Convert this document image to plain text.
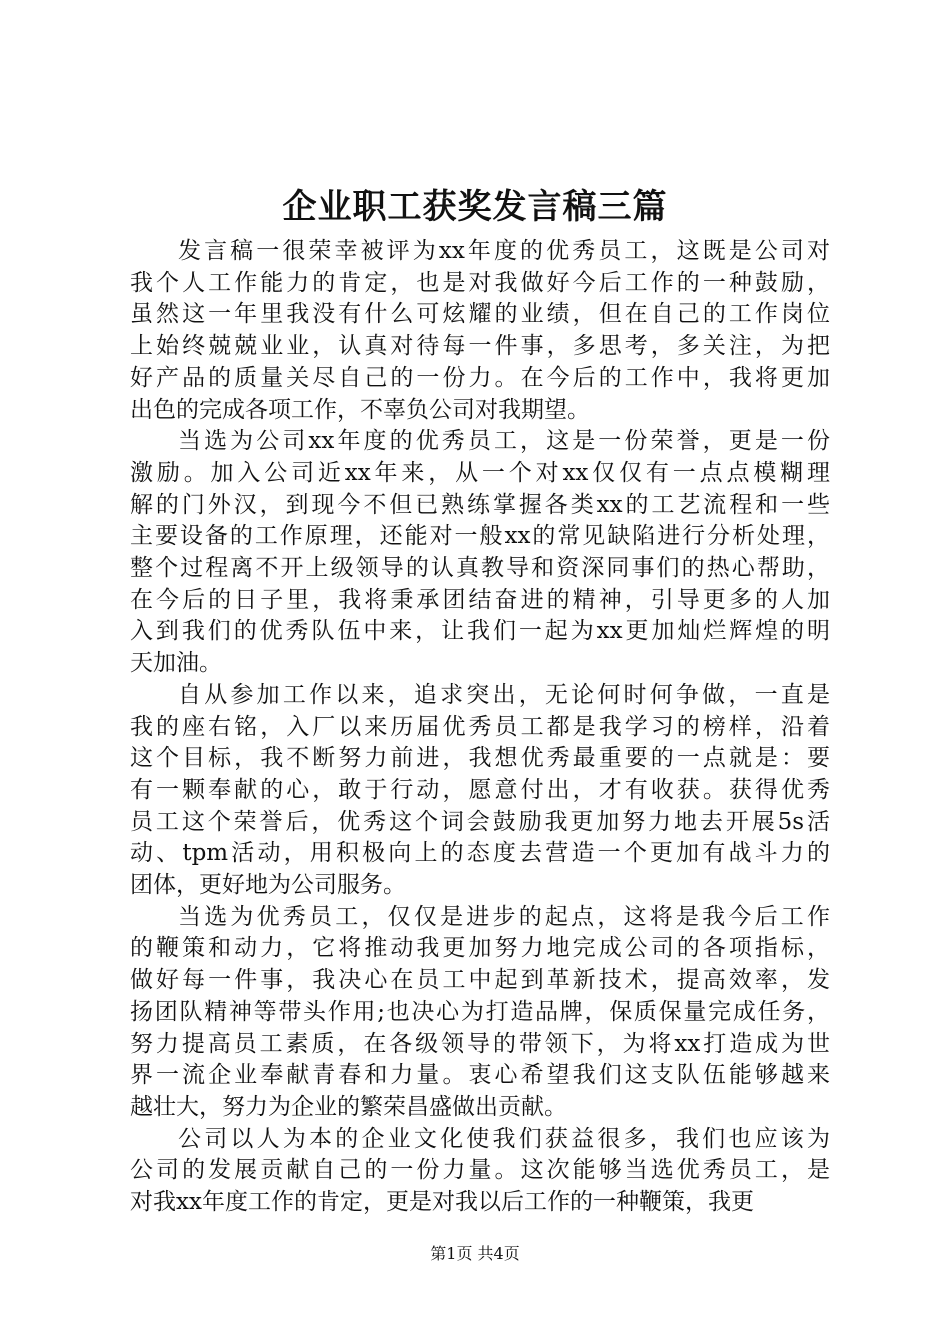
企业职工获奖发言稿三篇
发言稿一很荣幸被评为xx年度的优秀员工，这既是公司对
我个人工作能力的肯定，也是对我做好今后工作的一种鼓励，
虽然这一年里我没有什么可炫耀的业绩，但在自己的工作岗位
上始终兢兢业业，认真对待每一件事，多思考，多关注，为把
好产品的质量关尽自己的一份力。在今后的工作中，我将更加
出色的完成各项工作，不辜负公司对我期望。
当选为公司xx年度的优秀员工，这是一份荣誉，更是一份
激励。加入公司近xx年来，从一个对xx仅仅有一点点模糊理
解的门外汉，到现今不但已熟练掌握各类xx的工艺流程和一些
主要设备的工作原理，还能对一般xx的常见缺陷进行分析处理，
整个过程离不开上级领导的认真教导和资深同事们的热心帮助，
在今后的日子里，我将秉承团结奋进的精神，引导更多的人加
入到我们的优秀队伍中来，让我们一起为xx更加灿烂辉煌的明
天加油。
自从参加工作以来，追求突出，无论何时何争做，一直是
我的座右铭，入厂以来历届优秀员工都是我学习的榜样，沿着
这个目标，我不断努力前进，我想优秀最重要的一点就是：要
有一颗奉献的心，敢于行动，愿意付出，才有收获。获得优秀
员工这个荣誉后，优秀这个词会鼓励我更加努力地去开展5s活
动、tpm活动，用积极向上的态度去营造一个更加有战斗力的
团体，更好地为公司服务。
当选为优秀员工，仅仅是进步的起点，这将是我今后工作
的鞭策和动力，它将推动我更加努力地完成公司的各项指标，
做好每一件事，我决心在员工中起到革新技术，提高效率，发
扬团队精神等带头作用;也决心为打造品牌，保质保量完成任务，
努力提高员工素质，在各级领导的带领下，为将xx打造成为世
界一流企业奉献青春和力量。衷心希望我们这支队伍能够越来
越壮大，努力为企业的繁荣昌盛做出贡献。
公司以人为本的企业文化使我们获益很多，我们也应该为
公司的发展贡献自己的一份力量。这次能够当选优秀员工，是
对我xx年度工作的肯定，更是对我以后工作的一种鞭策，我更
第1页 共4页
